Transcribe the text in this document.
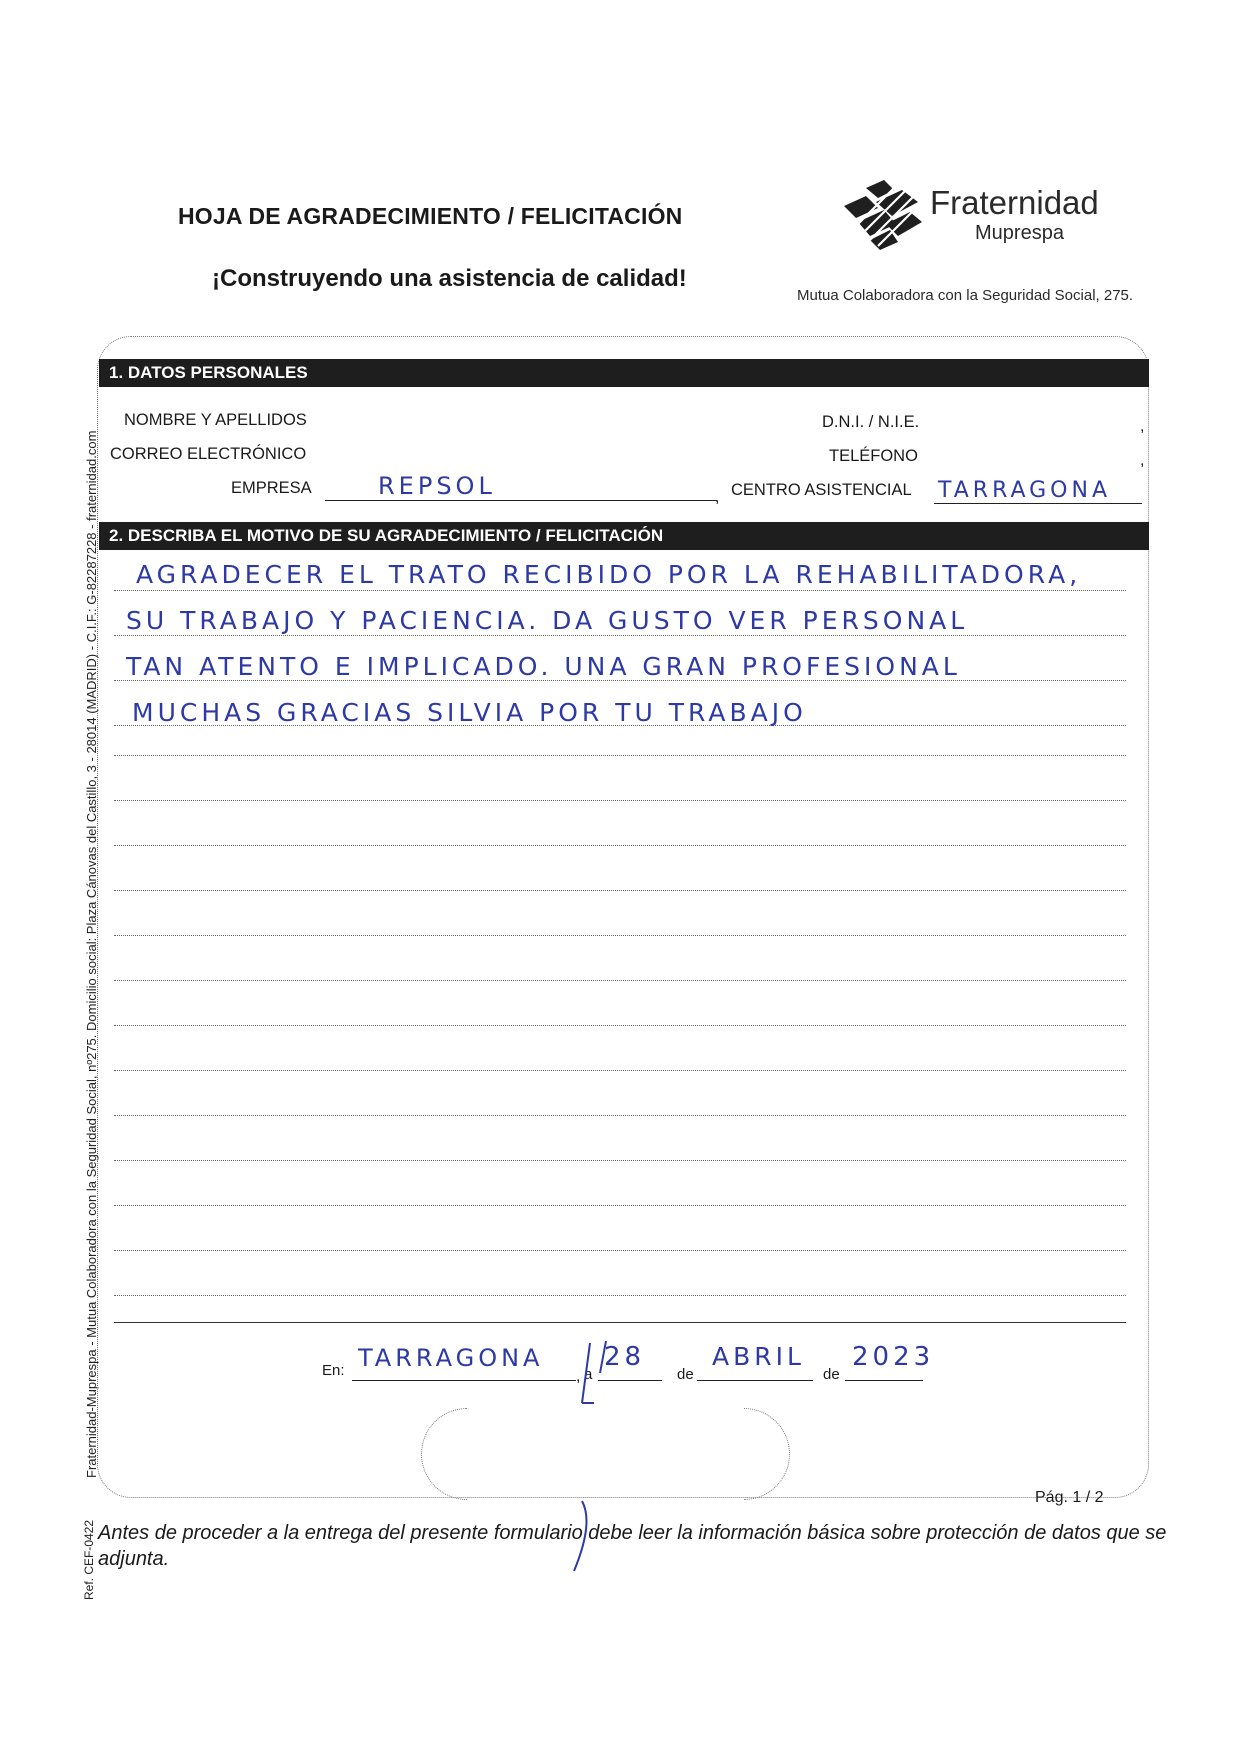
HOJA DE AGRADECIMIENTO / FELICITACIÓN
¡Construyendo una asistencia de calidad!
Fraternidad
Muprespa
Mutua Colaboradora con la Seguridad Social, 275.
Fraternidad-Muprespa - Mutua Colaboradora con la Seguridad Social, nº275. Domicilio social: Plaza Cánovas del Castillo, 3 - 28014 (MADRID) - C.I.F.: G-82287228 - fraternidad.com
Ref. CEF-0422
1. DATOS PERSONALES
NOMBRE Y APELLIDOS	D.N.I. / N.I.E.	,
CORREO ELECTRÓNICO	TELÉFONO	,
EMPRESA	REPSOL	, CENTRO ASISTENCIAL TARRAGONA
2. DESCRIBA EL MOTIVO DE SU AGRADECIMIENTO / FELICITACIÓN
AGRADECER EL TRATO RECIBIDO POR LA REHABILITADORA,
SU TRABAJO Y PACIENCIA. DA GUSTO VER PERSONAL
TAN ATENTO E IMPLICADO. UNA GRAN PROFESIONAL
MUCHAS GRACIAS SILVIA POR TU TRABAJO
En: TARRAGONA
, a
28
de
ABRIL
de
2023
Pág. 1 / 2
Antes de proceder a la entrega del presente formulario debe leer la información básica sobre protección de datos que se adjunta.
